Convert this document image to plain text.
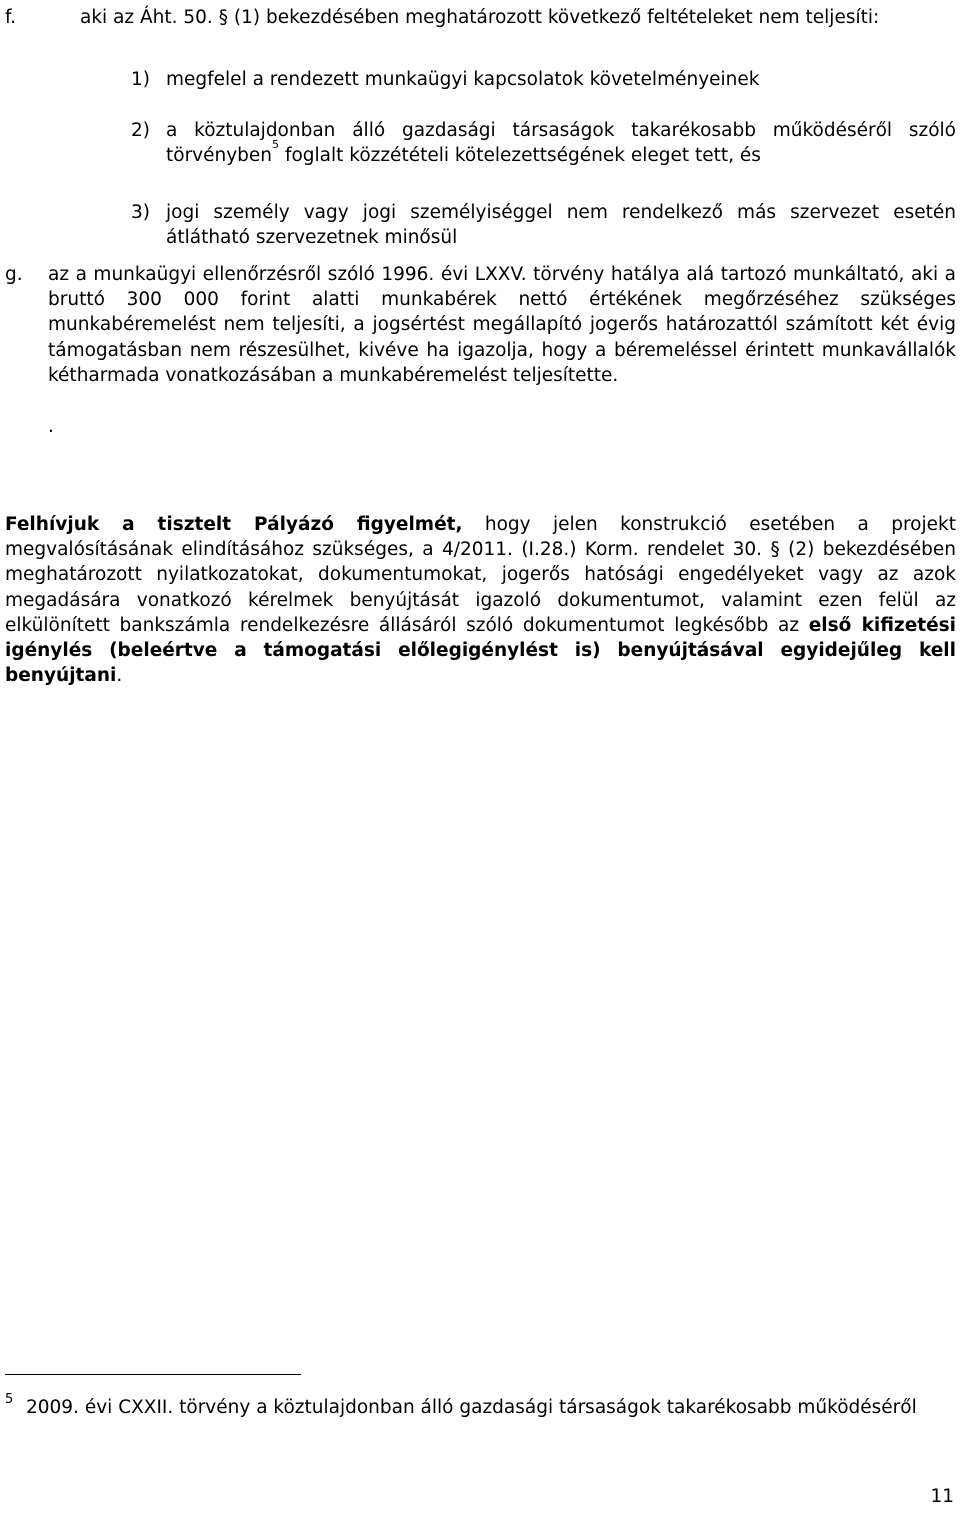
f.	aki az Áht. 50. § (1) bekezdésében meghatározott következő feltételeket nem teljesíti:
1) megfelel a rendezett munkaügyi kapcsolatok követelményeinek
2) a köztulajdonban álló gazdasági társaságok takarékosabb működéséről szóló törvényben$^5$ foglalt közzétételi kötelezettségének eleget tett, és
3) jogi személy vagy jogi személyiséggel nem rendelkező más szervezet esetén átlátható szervezetnek minősül
g. az a munkaügyi ellenőrzésről szóló 1996. évi LXXV. törvény hatálya alá tartozó munkáltató, aki a bruttó 300 000 forint alatti munkabérek nettó értékének megőrzéséhez szükséges munkabéremelést nem teljesíti, a jogsértést megállapító jogerős határozattól számított két évig támogatásban nem részesülhet, kivéve ha igazolja, hogy a béremeléssel érintett munkavállalók kétharmada vonatkozásában a munkabéremelést teljesítette.
.
Felhívjuk a tisztelt Pályázó figyelmét, hogy jelen konstrukció esetében a projekt megvalósításának elindításához szükséges, a 4/2011. (I.28.) Korm. rendelet 30. § (2) bekezdésében meghatározott nyilatkozatokat, dokumentumokat, jogerős hatósági engedélyeket vagy az azok megadására vonatkozó kérelmek benyújtását igazoló dokumentumot, valamint ezen felül az elkülönített bankszámla rendelkezésre állásáról szóló dokumentumot legkésőbb az első kifizetési igénylés (beleértve a támogatási előlegigénylést is) benyújtásával egyidejűleg kell benyújtani.
5 2009. évi CXXII. törvény a köztulajdonban álló gazdasági társaságok takarékosabb működéséről
11
